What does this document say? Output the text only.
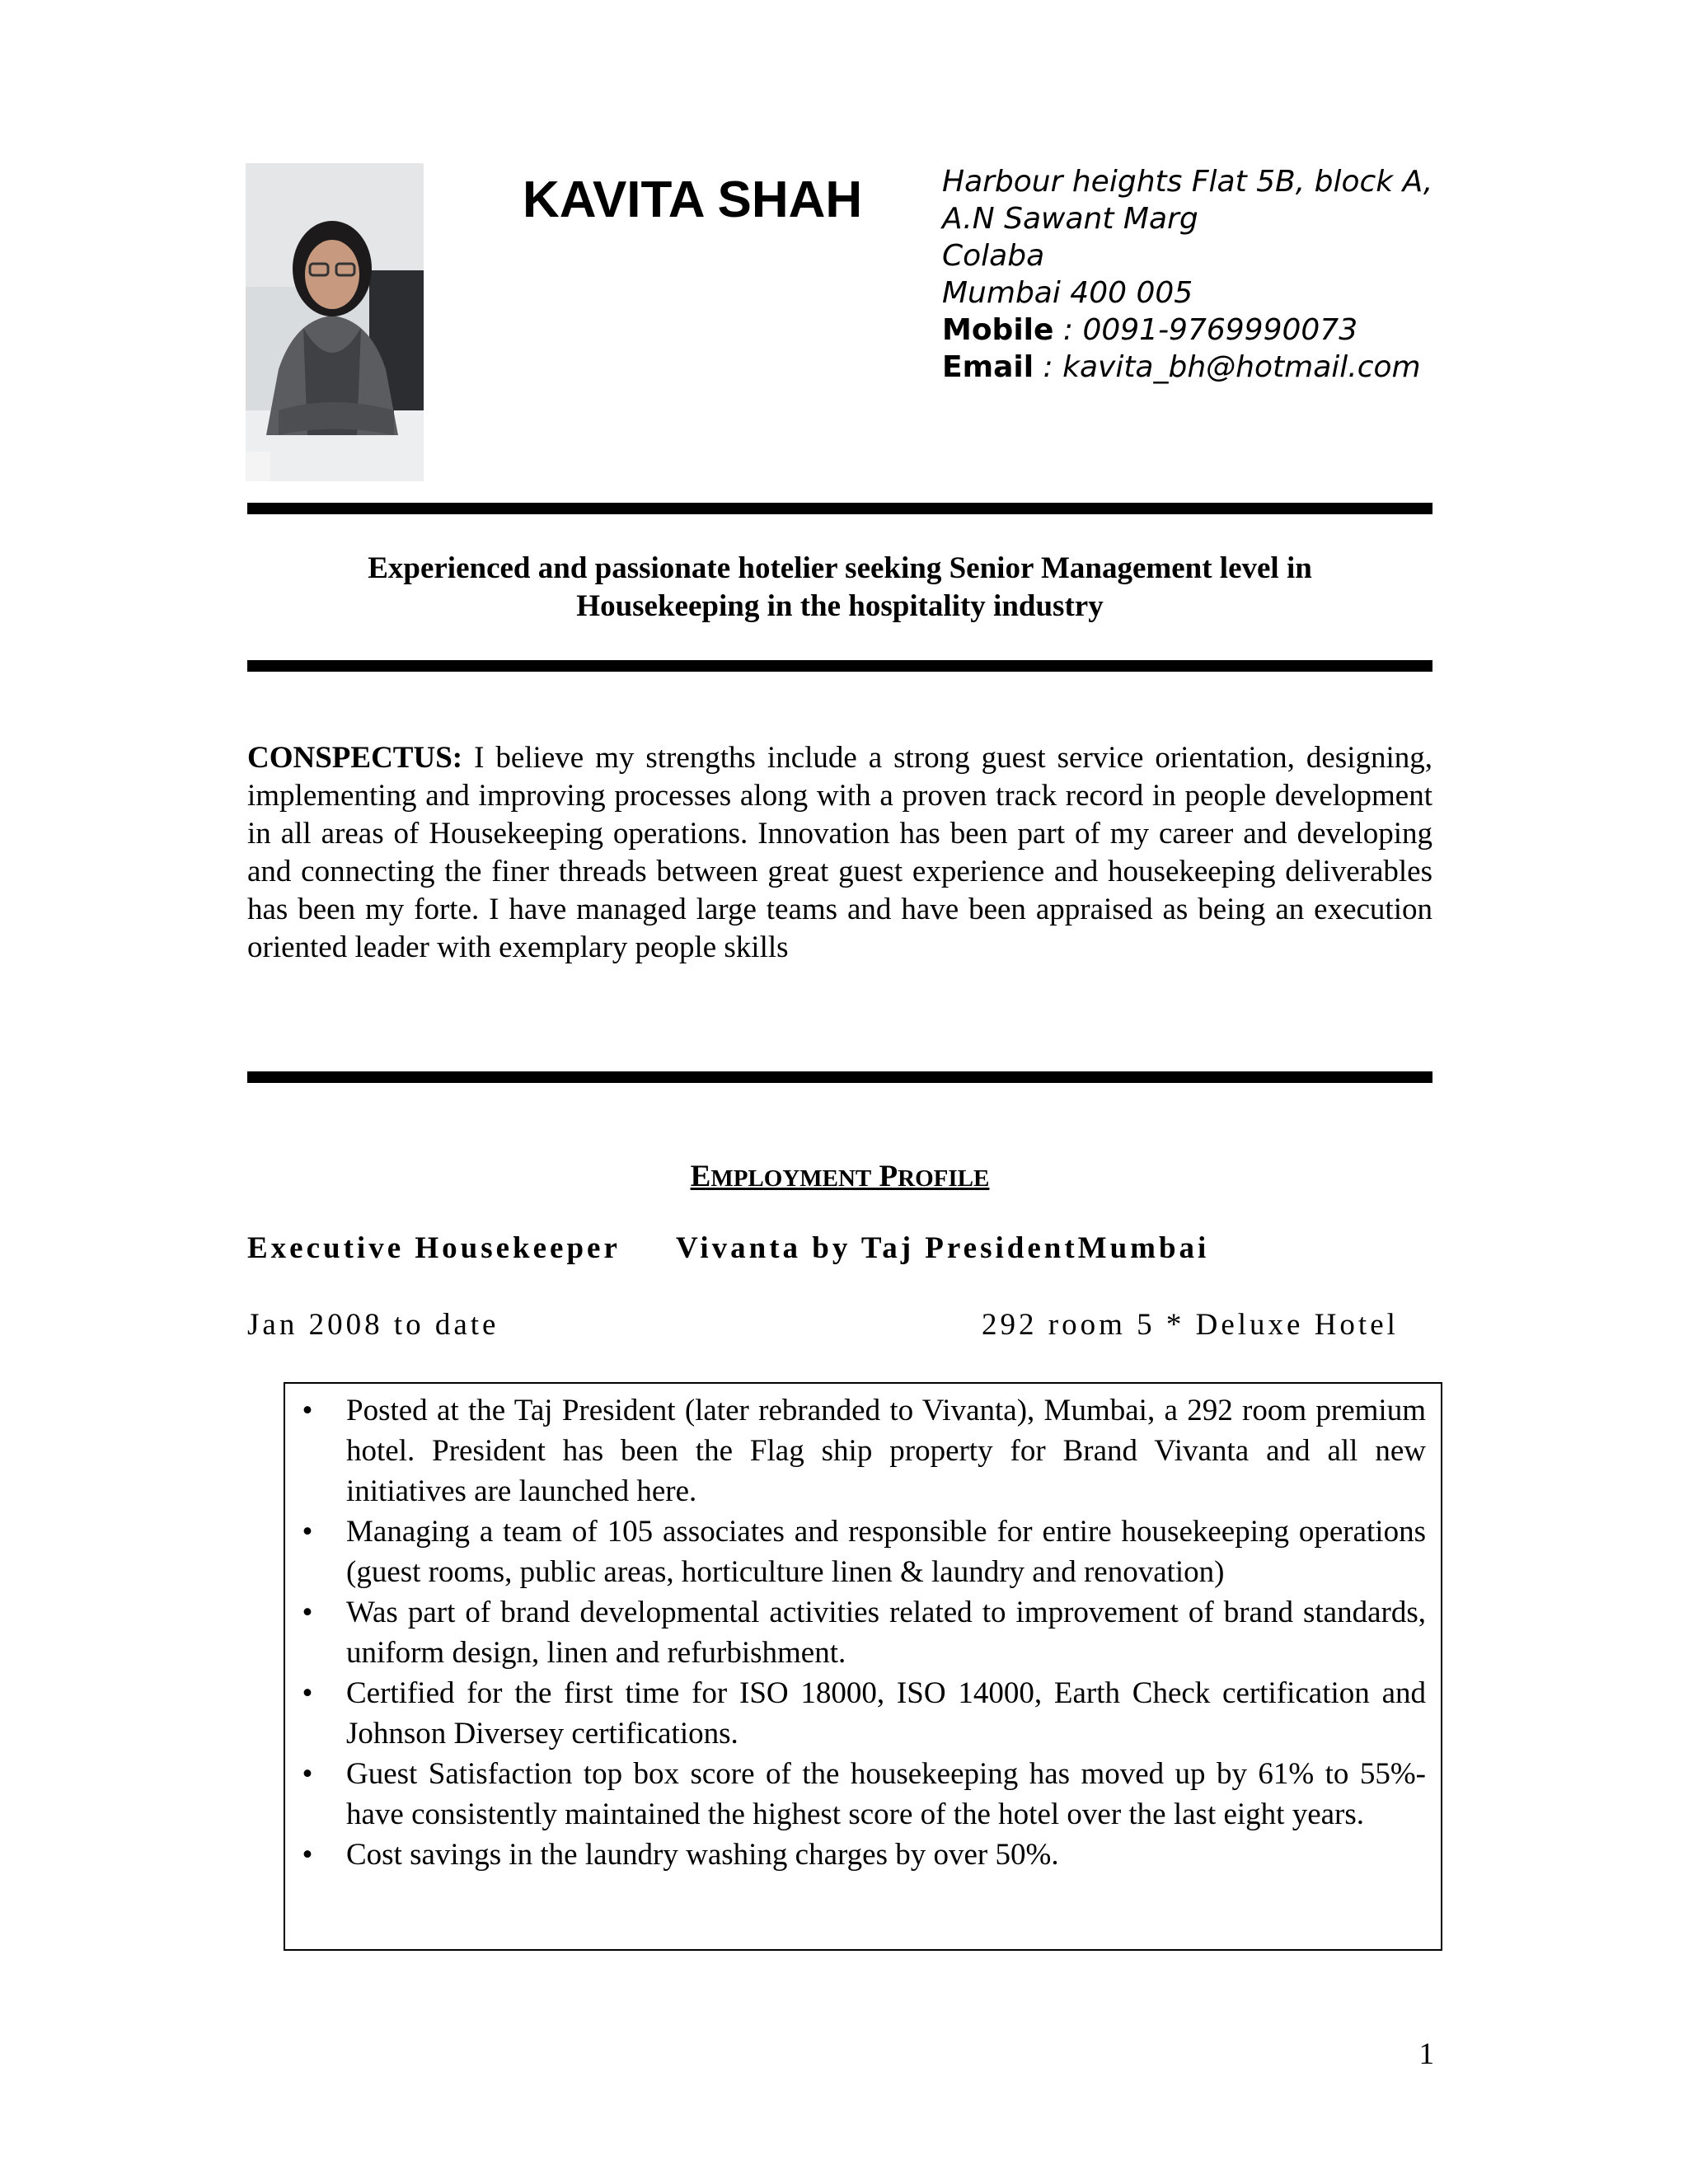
KAVITA SHAH	Harbour heights Flat 5B, block A,
A.N Sawant Marg
Colaba
Mumbai 400 005
Mobile : 0091-9769990073
Email : kavita_bh@hotmail.com
Experienced and passionate hotelier seeking Senior Management level in
Housekeeping in the hospitality industry
CONSPECTUS: I believe my strengths include a strong guest service orientation, designing, implementing and improving processes along with a proven track record in people development in all areas of Housekeeping operations. Innovation has been part of my career and developing and connecting the finer threads between great guest experience and housekeeping deliverables has been my forte. I have managed large teams and have been appraised as being an execution oriented leader with exemplary people skills
EMPLOYMENT PROFILE
Executive Housekeeper Vivanta by Taj PresidentMumbai
Jan 2008 to date	292 room 5 * Deluxe Hotel
• Posted at the Taj President (later rebranded to Vivanta), Mumbai, a 292 room premium hotel. President has been the Flag ship property for Brand Vivanta and all new initiatives are launched here.
• Managing a team of 105 associates and responsible for entire housekeeping operations (guest rooms, public areas, horticulture linen & laundry and renovation)
• Was part of brand developmental activities related to improvement of brand standards, uniform design, linen and refurbishment.
• Certified for the first time for ISO 18000, ISO 14000, Earth Check certification and Johnson Diversey certifications.
• Guest Satisfaction top box score of the housekeeping has moved up by 61% to 55%-have consistently maintained the highest score of the hotel over the last eight years.
• Cost savings in the laundry washing charges by over 50%.
1
